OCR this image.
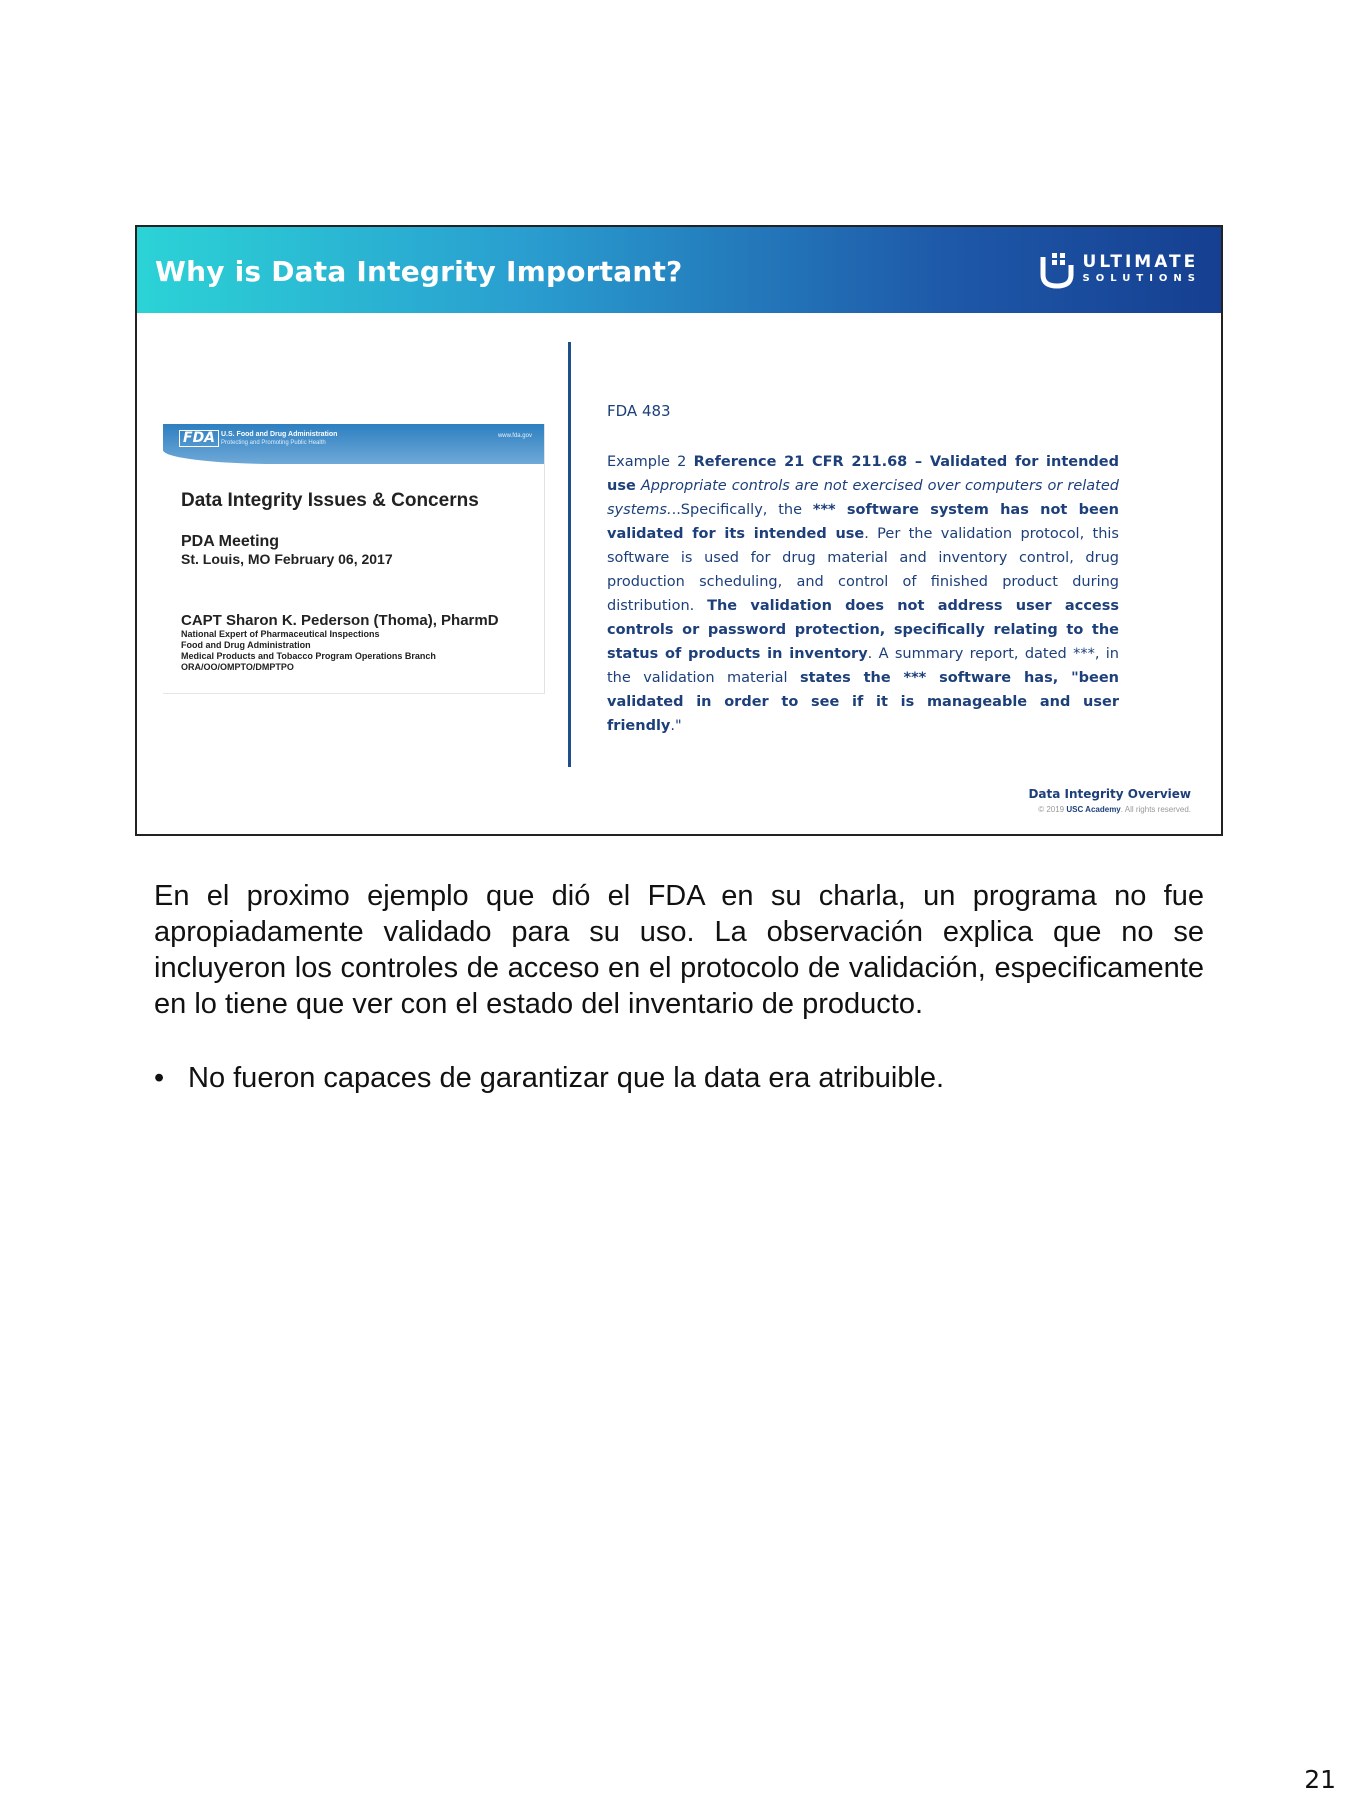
Why is Data Integrity Important?	ULTIMATE
SOLUTIONS
FDA U.S. Food and Drug Administration
Protecting and Promoting Public Health
www.fda.gov
Data Integrity Issues & Concerns
PDA Meeting
St. Louis, MO February 06, 2017
CAPT Sharon K. Pederson (Thoma), PharmD
National Expert of Pharmaceutical Inspections
Food and Drug Administration
Medical Products and Tobacco Program Operations Branch
ORA/OO/OMPTO/DMPTPO
FDA 483
Example 2 Reference 21 CFR 211.68 – Validated for intended use Appropriate controls are not exercised over computers or related systems...Specifically, the *** software system has not been validated for its intended use. Per the validation protocol, this software is used for drug material and inventory control, drug production scheduling, and control of finished product during distribution. The validation does not address user access controls or password protection, specifically relating to the status of products in inventory. A summary report, dated ***, in the validation material states the *** software has, "been validated in order to see if it is manageable and user friendly."
Data Integrity Overview
© 2019 USC Academy. All rights reserved.
En el proximo ejemplo que dió el FDA en su charla, un programa no fue apropiadamente validado para su uso. La observación explica que no se incluyeron los controles de acceso en el protocolo de validación, especificamente en lo tiene que ver con el estado del inventario de producto.
• No fueron capaces de garantizar que la data era atribuible.
21
